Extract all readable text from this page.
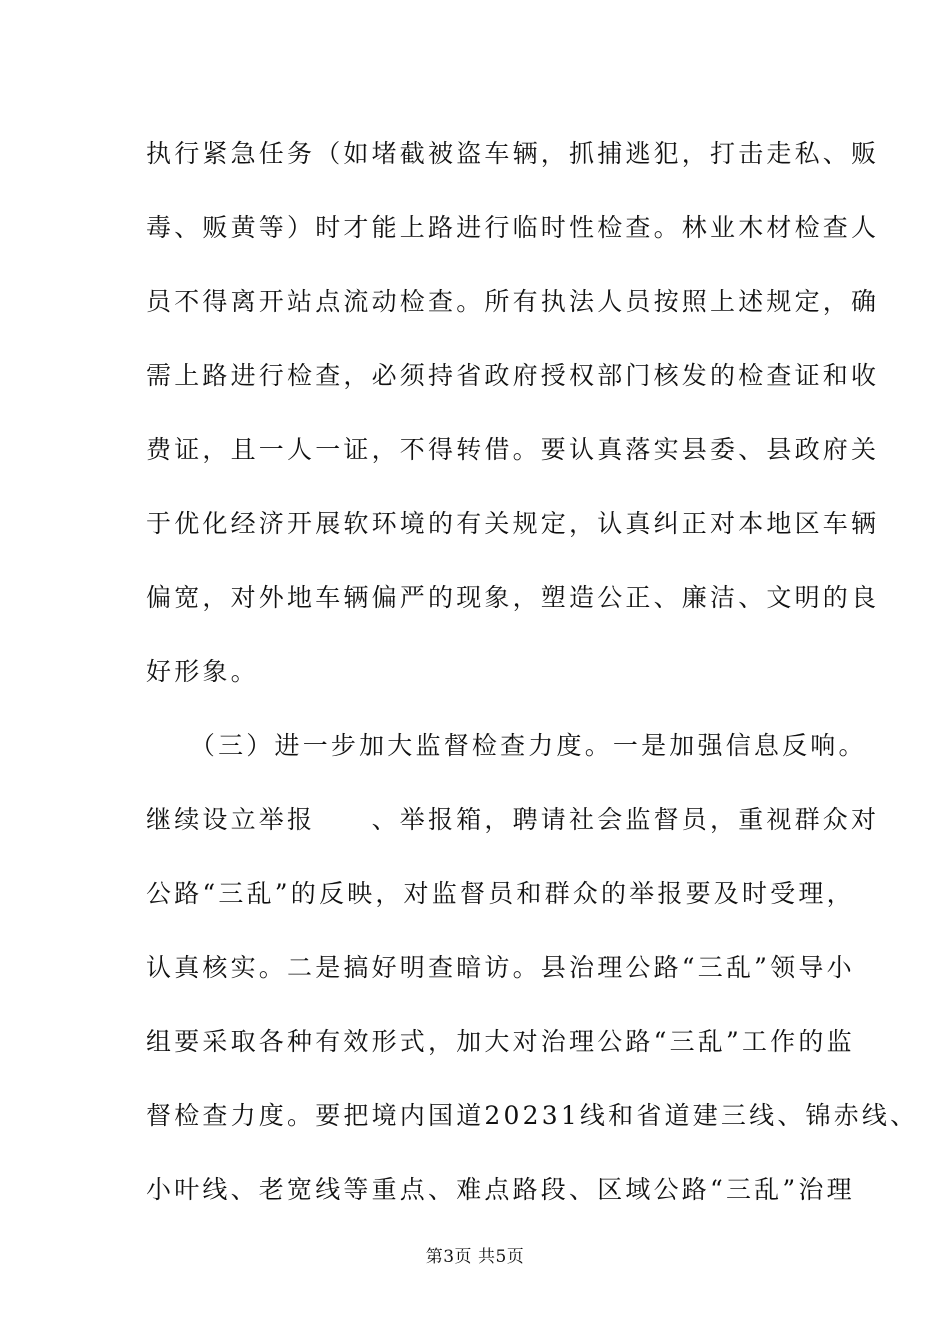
执行紧急任务（如堵截被盗车辆，抓捕逃犯，打击走私、贩
毒、贩黄等）时才能上路进行临时性检查。林业木材检查人
员不得离开站点流动检查。所有执法人员按照上述规定，确
需上路进行检查，必须持省政府授权部门核发的检查证和收
费证，且一人一证，不得转借。要认真落实县委、县政府关
于优化经济开展软环境的有关规定，认真纠正对本地区车辆
偏宽，对外地车辆偏严的现象，塑造公正、廉洁、文明的良
好形象。
　　（三）进一步加大监督检查力度。一是加强信息反响。
继续设立举报　　、举报箱，聘请社会监督员，重视群众对
公路“三乱”的反映，对监督员和群众的举报要及时受理，
认真核实。二是搞好明查暗访。县治理公路“三乱”领导小
组要采取各种有效形式，加大对治理公路“三乱”工作的监
督检查力度。要把境内国道20231线和省道建三线、锦赤线、
小叶线、老宽线等重点、难点路段、区域公路“三乱”治理
第3页 共5页
